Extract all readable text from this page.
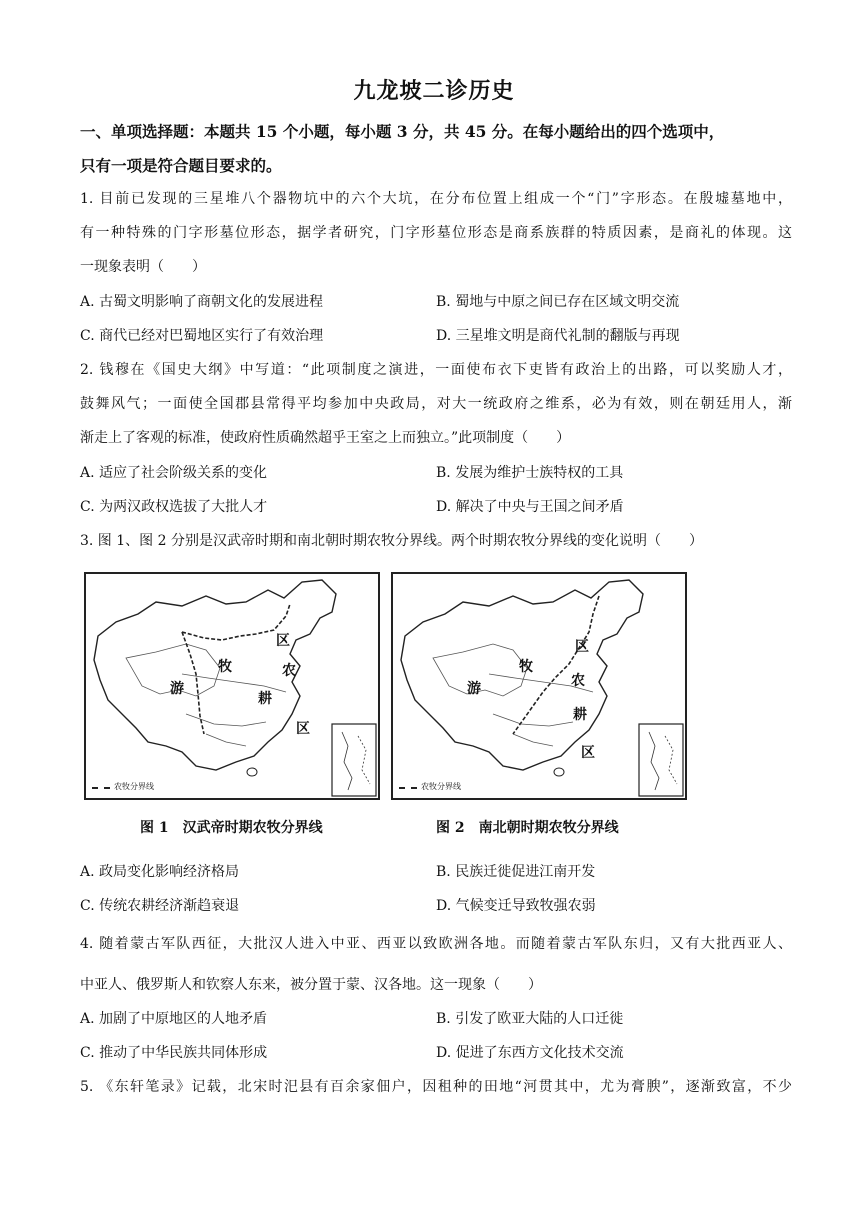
九龙坡二诊历史
一、单项选择题：本题共 15 个小题，每小题 3 分，共 45 分。在每小题给出的四个选项中，
只有一项是符合题目要求的。
1. 目前已发现的三星堆八个器物坑中的六个大坑，在分布位置上组成一个“门”字形态。在殷墟墓地中，
有一种特殊的门字形墓位形态，据学者研究，门字形墓位形态是商系族群的特质因素，是商礼的体现。这
一现象表明（　　）
A. 古蜀文明影响了商朝文化的发展进程	B. 蜀地与中原之间已存在区域文明交流
C. 商代已经对巴蜀地区实行了有效治理	D. 三星堆文明是商代礼制的翻版与再现
2. 钱穆在《国史大纲》中写道：“此项制度之演进，一面使布衣下吏皆有政治上的出路，可以奖励人才，
鼓舞风气；一面使全国郡县常得平均参加中央政局，对大一统政府之维系，必为有效，则在朝廷用人，渐
渐走上了客观的标准，使政府性质确然超乎王室之上而独立。”此项制度（　　）
A. 适应了社会阶级关系的变化	B. 发展为维护士族特权的工具
C. 为两汉政权选拔了大批人才	D. 解决了中央与王国之间矛盾
3. 图 1、图 2 分别是汉武帝时期和南北朝时期农牧分界线。两个时期农牧分界线的变化说明（　　）
游
牧
区
农
耕
区
农牧分界线
游
牧
区
农
耕
区
农牧分界线
图 1　汉武帝时期农牧分界线	图 2　南北朝时期农牧分界线
A. 政局变化影响经济格局	B. 民族迁徙促进江南开发
C. 传统农耕经济渐趋衰退	D. 气候变迁导致牧强农弱
4. 随着蒙古军队西征，大批汉人进入中亚、西亚以致欧洲各地。而随着蒙古军队东归，又有大批西亚人、
中亚人、俄罗斯人和钦察人东来，被分置于蒙、汉各地。这一现象（　　）
A. 加剧了中原地区的人地矛盾	B. 引发了欧亚大陆的人口迁徙
C. 推动了中华民族共同体形成	D. 促进了东西方文化技术交流
5. 《东轩笔录》记载，北宋时汜县有百余家佃户，因租种的田地“河贯其中，尤为膏腴”，逐渐致富，不少
